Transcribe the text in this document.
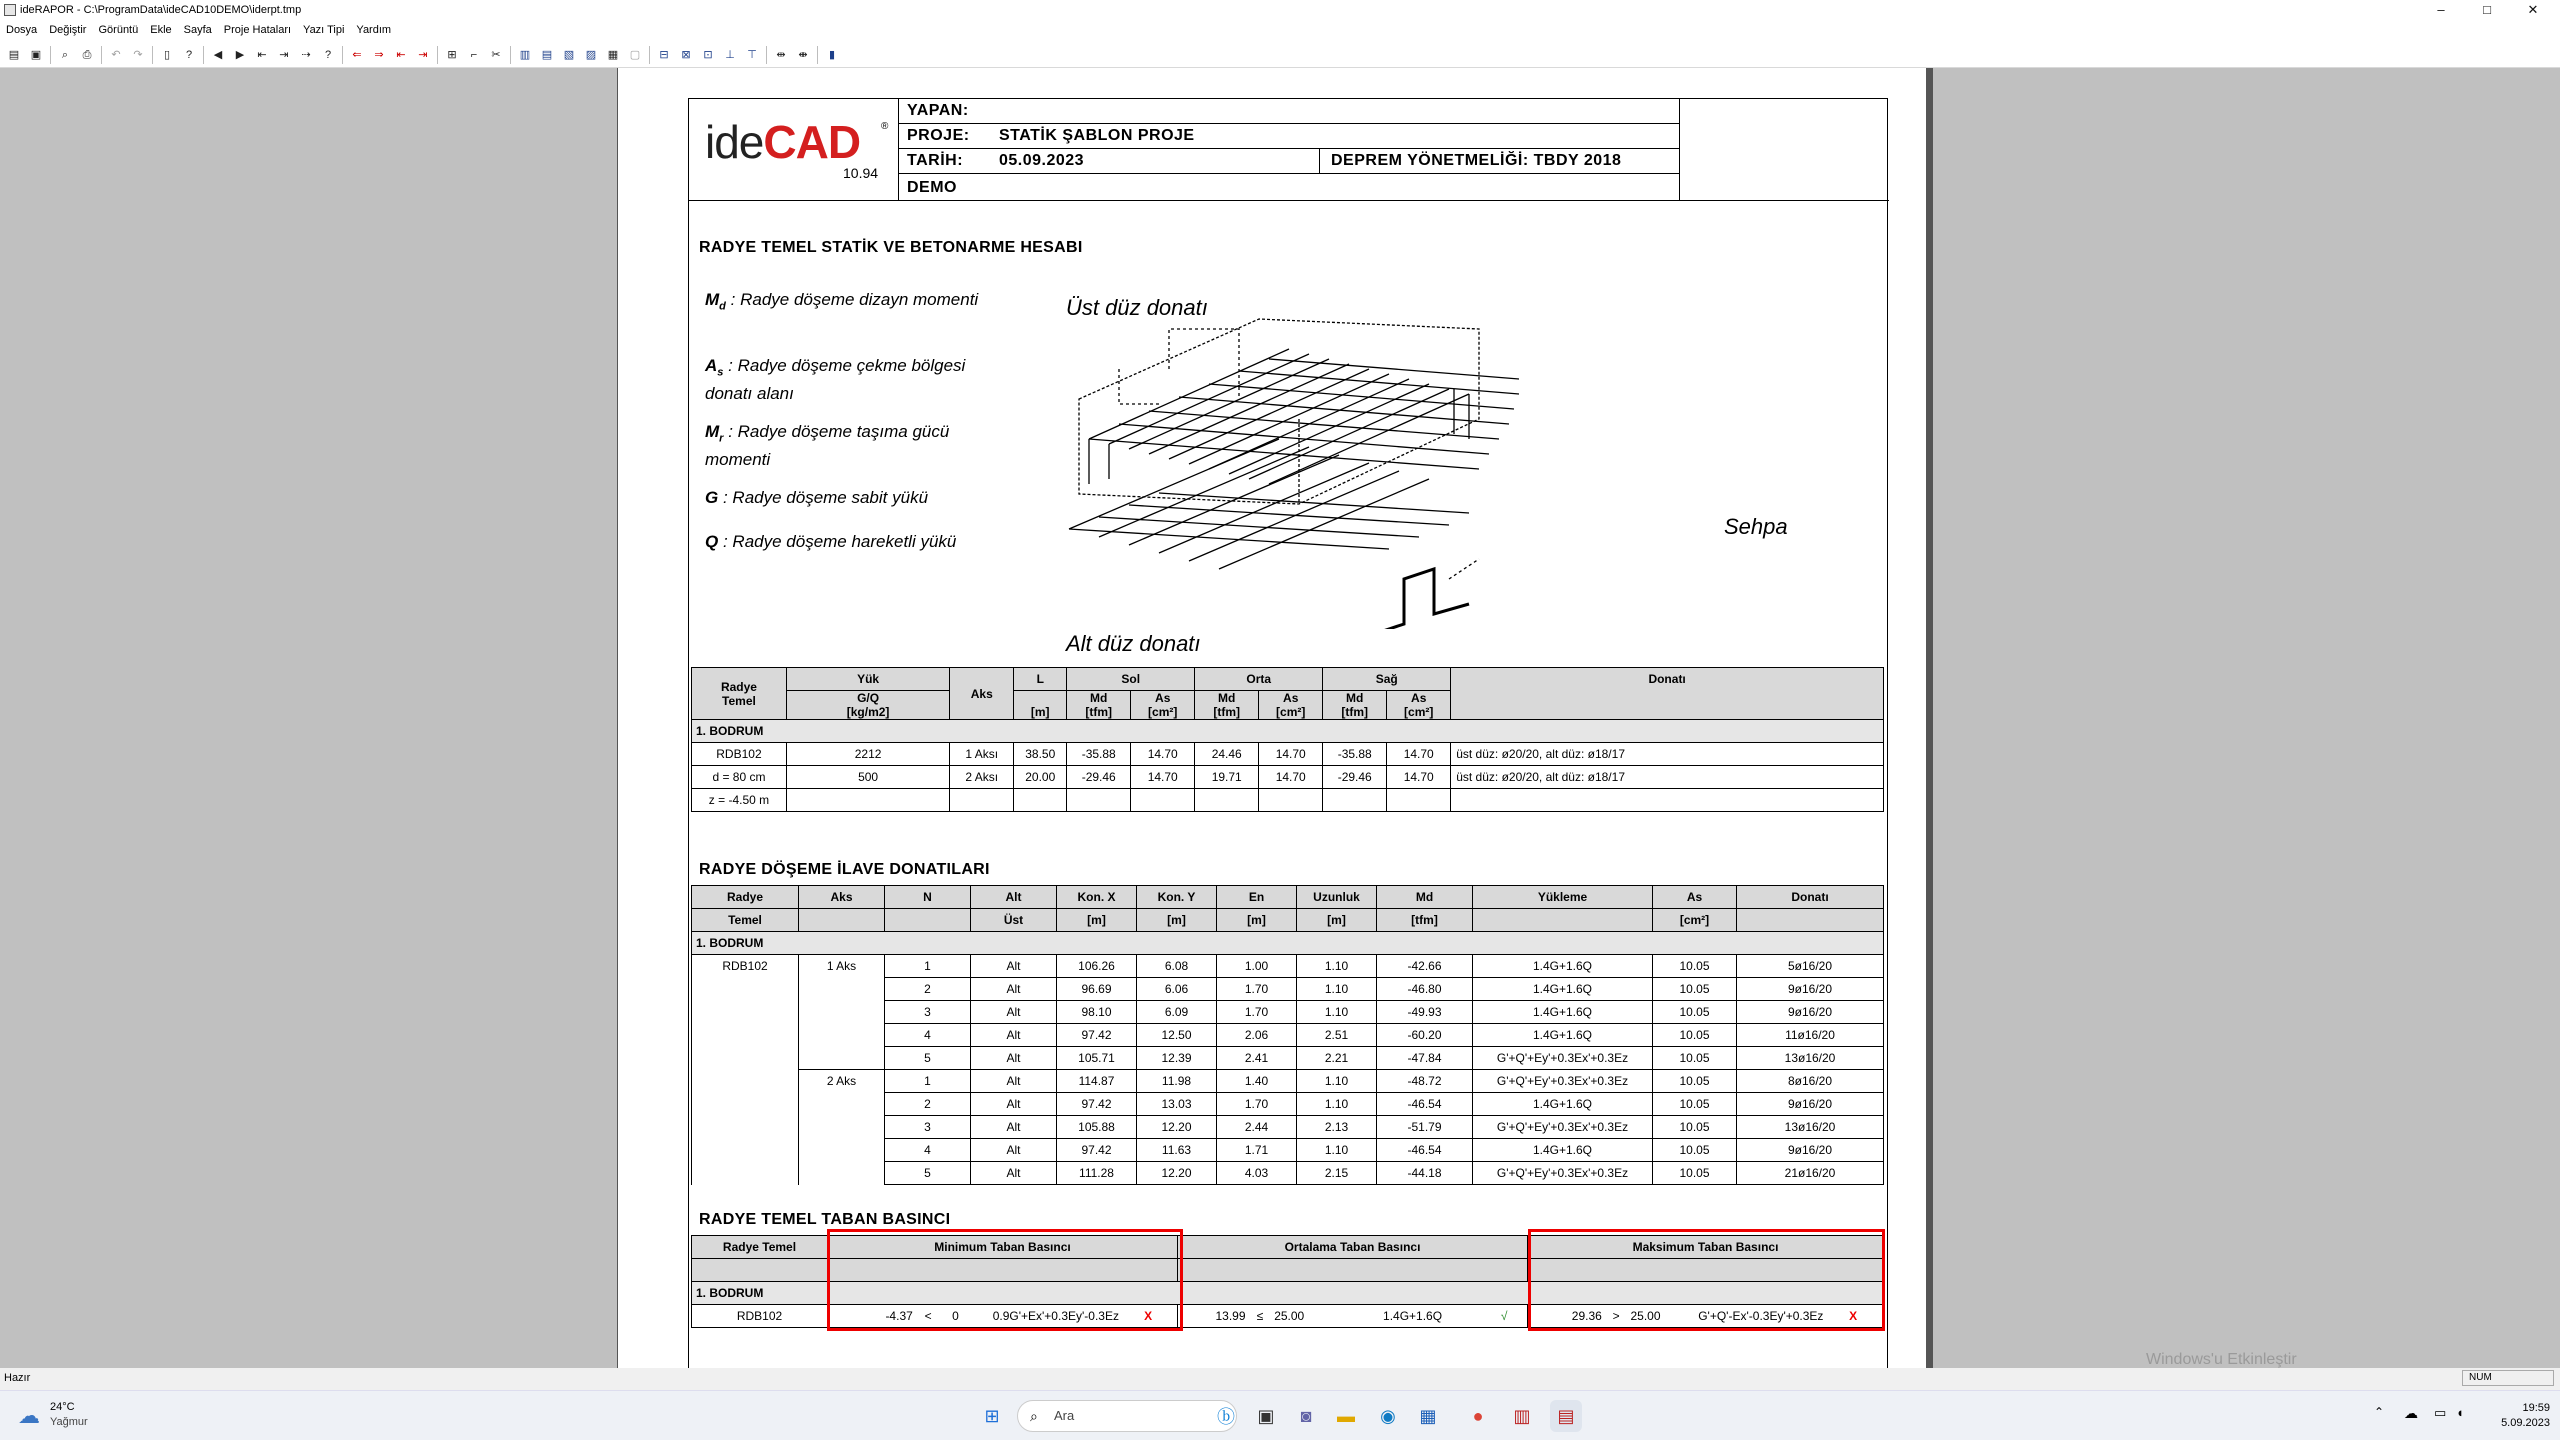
ideRAPOR - C:\ProgramData\ideCAD10DEMO\iderpt.tmp	–	□	✕
Dosya	Değiştir	Görüntü	Ekle	Sayfa	Proje Hataları	Yazı Tipi	Yardım
▤ ▣	⌕	⎙	↶	↷	▯	?	◀	▶	⇤	⇥	⇢	?	⇐	⇒	⇤	⇥	⊞	⌐	✂	▥ ▤ ▧ ▨ ▦ ▢	⊟	⊠	⊡	⊥ ⊤	⇹	⇼	▮
ideCAD ®
10.94
YAPAN:
PROJE: STATİK ŞABLON PROJE
TARİH: 05.09.2023	DEPREM YÖNETMELİĞİ: TBDY 2018
DEMO
RADYE TEMEL STATİK VE BETONARME HESABI
$M_d$ : Radye döşeme dizayn momenti
$A_s$ : Radye döşeme çekme bölgesi donatı alanı
$M_r$ : Radye döşeme taşıma gücü momenti
G : Radye döşeme sabit yükü
Q : Radye döşeme hareketli yükü
Üst düz donatı
Alt düz donatı
Sehpa
Radye
Temel	Yük	Aks	L	Sol		Orta		Sağ		Donatı
	G/Q
[kg/m2]		[m]	Md
[tfm]	As
[cm²]	Md
[tfm]	As
[cm²]	Md
[tfm]	As
[cm²]	
1. BODRUM										
RDB102	2212	1 Aksı	38.50	-35.88	14.70	24.46	14.70	-35.88	14.70	üst düz: ø20/20, alt düz: ø18/17
d = 80 cm	500	2 Aksı	20.00	-29.46	14.70	19.71	14.70	-29.46	14.70	üst düz: ø20/20, alt düz: ø18/17
z = -4.50 m										
RADYE DÖŞEME İLAVE DONATILARI
Radye	Aks	N	Alt	Kon. X	Kon. Y	En	Uzunluk	Md	Yükleme	As	Donatı
Temel			Üst	[m]	[m]	[m]	[m]	[tfm]		[cm²]	
1. BODRUM											
RDB102	1 Aks	1	Alt	106.26	6.08	1.00	1.10	-42.66	1.4G+1.6Q	10.05	5ø16/20
		2	Alt	96.69	6.06	1.70	1.10	-46.80	1.4G+1.6Q	10.05	9ø16/20
		3	Alt	98.10	6.09	1.70	1.10	-49.93	1.4G+1.6Q	10.05	9ø16/20
		4	Alt	97.42	12.50	2.06	2.51	-60.20	1.4G+1.6Q	10.05	11ø16/20
		5	Alt	105.71	12.39	2.41	2.21	-47.84	G'+Q'+Ey'+0.3Ex'+0.3Ez	10.05	13ø16/20
	2 Aks	1	Alt	114.87	11.98	1.40	1.10	-48.72	G'+Q'+Ey'+0.3Ex'+0.3Ez	10.05	8ø16/20
		2	Alt	97.42	13.03	1.70	1.10	-46.54	1.4G+1.6Q	10.05	9ø16/20
		3	Alt	105.88	12.20	2.44	2.13	-51.79	G'+Q'+Ey'+0.3Ex'+0.3Ez	10.05	13ø16/20
		4	Alt	97.42	11.63	1.71	1.10	-46.54	1.4G+1.6Q	10.05	9ø16/20
		5	Alt	111.28	12.20	4.03	2.15	-44.18	G'+Q'+Ey'+0.3Ex'+0.3Ez	10.05	21ø16/20
RADYE TEMEL TABAN BASINCI
Radye Temel	Minimum Taban Basıncı	Ortalama Taban Basıncı	Maksimum Taban Basıncı

1. BODRUM			
RDB102	-4.37 < 0 0.9G'+Ex'+0.3Ey'-0.3Ez X	13.99 ≤ 25.00 1.4G+1.6Q √	29.36 > 25.00 G'+Q'-Ex'-0.3Ey'+0.3Ez X
Windows'u Etkinleştir
Hazır	NUM
☁ 24°C
Yağmur	⊞	Ara
⌕	ⓑ	▣	◙	▬	◉	▦	●	▥	▤	⌃ ☁ ▭ ◖	19:59
5.09.2023
